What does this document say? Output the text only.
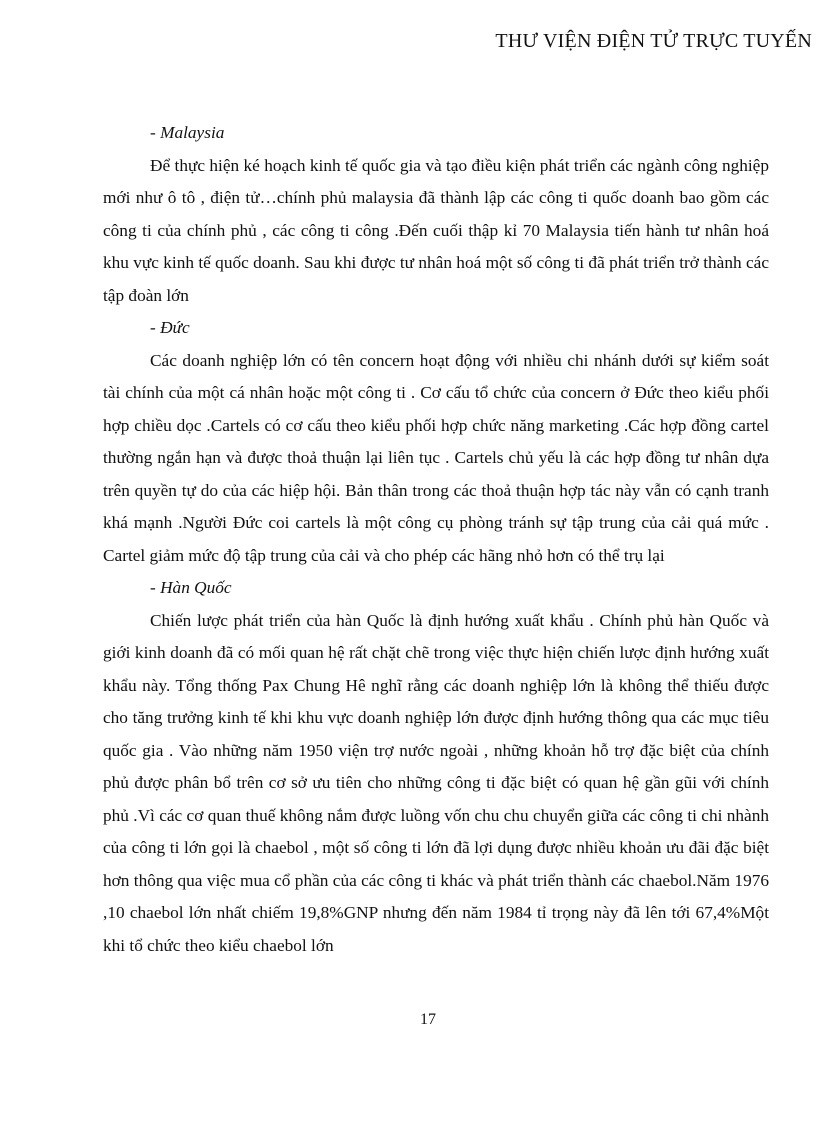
THƯ VIỆN ĐIỆN TỬ TRỰC TUYẾN

- Malaysia

Để thực hiện ké hoạch kinh tế quốc gia và tạo điều kiện phát triển các ngành công nghiệp mới như ô tô , điện tử…chính phủ malaysia đã thành lập các công ti quốc doanh bao gồm các công ti của chính phủ , các công ti công .Đến cuối thập kỉ 70 Malaysia tiến hành tư nhân hoá khu vực kinh tế quốc doanh. Sau khi được tư nhân hoá một số công ti đã phát triển trở thành các tập đoàn lớn

- Đức

Các doanh nghiệp lớn có tên concern hoạt động với nhiều chi nhánh dưới sự kiểm soát tài chính của một cá nhân hoặc một công ti . Cơ cấu tổ chức của concern ở Đức theo kiểu phối hợp chiều dọc .Cartels có cơ cấu theo kiểu phối hợp chức năng marketing .Các hợp đồng cartel thường ngắn hạn và được thoả thuận lại liên tục . Cartels chủ yếu là các hợp đồng tư nhân dựa trên quyền tự do của các hiệp hội. Bản thân trong các thoả thuận hợp tác này vẫn có cạnh tranh khá mạnh .Người Đức coi cartels là một công cụ phòng tránh sự tập trung của cải quá mức . Cartel giảm mức độ tập trung của cải và cho phép các hãng nhỏ hơn có thể trụ lại

- Hàn Quốc

Chiến lược phát triển của hàn Quốc là định hướng xuất khẩu . Chính phủ hàn Quốc và giới kinh doanh đã có mối quan hệ rất chặt chẽ trong việc thực hiện chiến lược định hướng xuất khẩu này. Tổng thống Pax Chung Hê nghĩ rằng các doanh nghiệp lớn là không thể thiếu được cho tăng trưởng kinh tế khi khu vực doanh nghiệp lớn được định hướng thông qua các mục tiêu quốc gia . Vào những năm 1950 viện trợ nước ngoài , những khoản hỗ trợ đặc biệt của chính phủ được phân bổ trên cơ sở ưu tiên cho những công ti đặc biệt có quan hệ gần gũi với chính phủ .Vì các cơ quan thuế không nắm được luồng vốn chu chu chuyển giữa các công ti chi nhành của công ti lớn gọi là chaebol , một số công ti lớn đã lợi dụng được nhiều khoản ưu đãi đặc biệt hơn thông qua việc mua cổ phần của các công ti khác và phát triển thành các chaebol.Năm 1976 ,10 chaebol lớn nhất chiếm 19,8%GNP nhưng đến năm 1984 tỉ trọng này đã lên tới 67,4%Một khi tổ chức theo kiểu chaebol lớn

17
